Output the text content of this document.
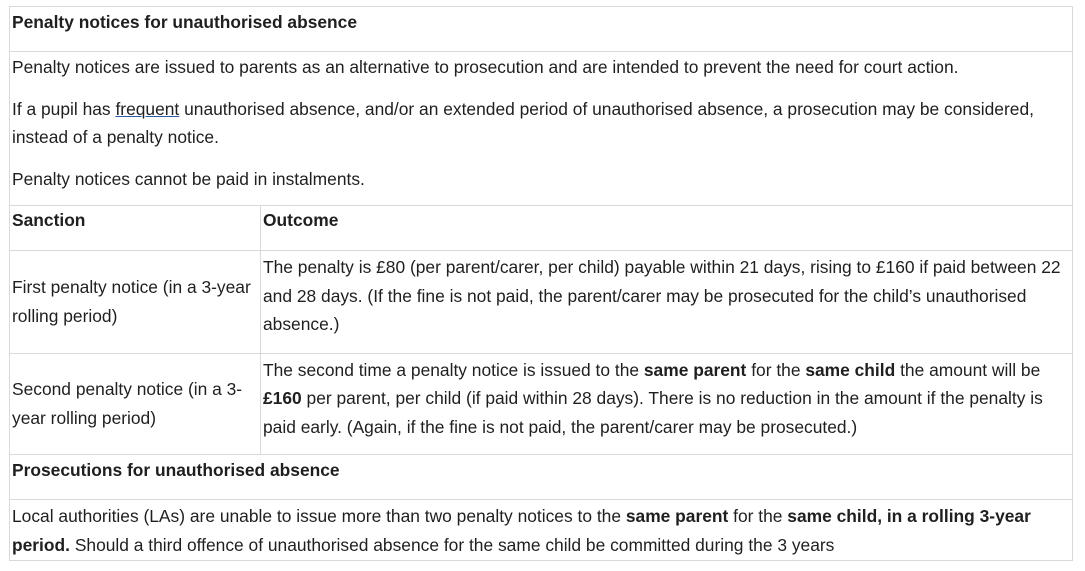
Penalty notices for unauthorised absence	

Penalty notices are issued to parents as an alternative to prosecution and are intended to prevent the need for court action.

If a pupil has frequent unauthorised absence, and/or an extended period of unauthorised absence, a prosecution may be considered, instead of a penalty notice.

Penalty notices cannot be paid in instalments.	

Sanction	Outcome
First penalty notice (in a 3-year rolling period)	The penalty is £80 (per parent/carer, per child) payable within 21 days, rising to £160 if paid between 22 and 28 days. (If the fine is not paid, the parent/carer may be prosecuted for the child’s unauthorised absence.)
Second penalty notice (in a 3-year rolling period)	The second time a penalty notice is issued to the same parent for the same child the amount will be £160 per parent, per child (if paid within 28 days). There is no reduction in the amount if the penalty is paid early. (Again, if the fine is not paid, the parent/carer may be prosecuted.)

Prosecutions for unauthorised absence	

Local authorities (LAs) are unable to issue more than two penalty notices to the same parent for the same child, in a rolling 3-year period. Should a third offence of unauthorised absence for the same child be committed during the 3 years	
